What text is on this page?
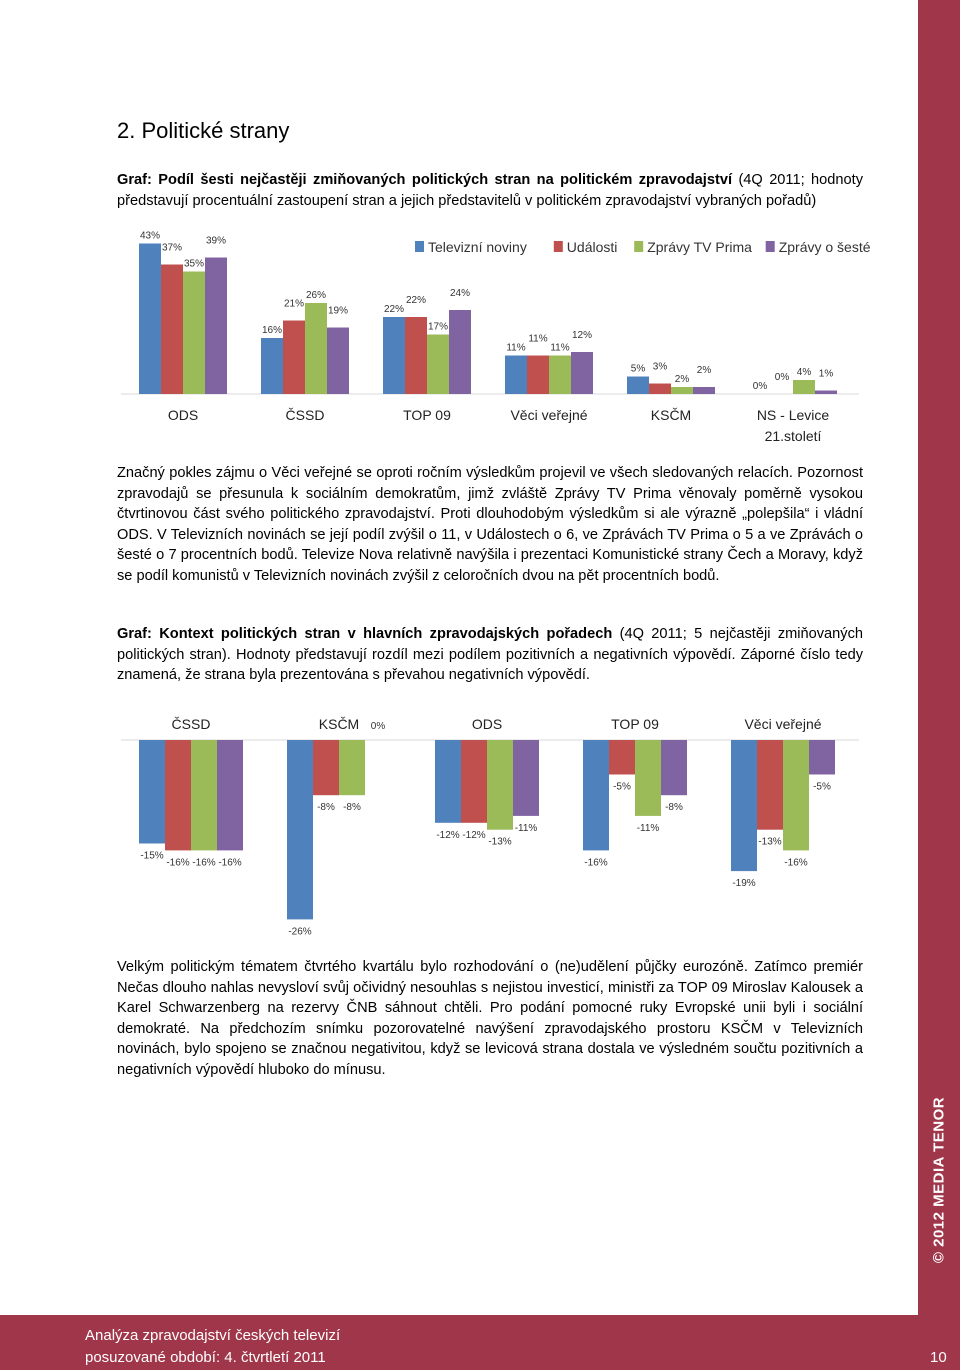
© 2012 MEDIA TENOR
2. Politické strany

Graf: Podíl šesti nejčastěji zmiňovaných politických stran na politickém zpravodajství (4Q 2011; hodnoty představují procentuální zastoupení stran a jejich představitelů v politickém zpravodajství vybraných pořadů)

43%
37%
35%
39%
ODS
16%
21%
26%
19%
ČSSD
22%
22%
17%
24%
TOP 09
11%
11%
11%
12%
Věci veřejné
5% 3%
2%
2%
KSČM
0%
0% 4% 1%
NS - Levice
21.století
Televizní noviny	Události Zprávy TV Prima Zprávy o šesté

Značný pokles zájmu o Věci veřejné se oproti ročním výsledkům projevil ve všech sledovaných relacích. Pozornost zpravodajů se přesunula k sociálním demokratům, jimž zvláště Zprávy TV Prima věnovaly poměrně vysokou čtvrtinovou část svého politického zpravodajství. Proti dlouhodobým výsledkům si ale výrazně „polepšila“ i vládní ODS. V Televizních novinách se její podíl zvýšil o 11, v Událostech o 6, ve Zprávách TV Prima o 5 a ve Zprávách o šesté o 7 procentních bodů. Televize Nova relativně navýšila i prezentaci Komunistické strany Čech a Moravy, když se podíl komunistů v Televizních novinách zvýšil z celoročních dvou na pět procentních bodů.

Graf: Kontext politických stran v hlavních zpravodajských pořadech (4Q 2011; 5 nejčastěji zmiňovaných politických stran). Hodnoty představují rozdíl mezi podílem pozitivních a negativních výpovědí. Záporné číslo tedy znamená, že strana byla prezentována s převahou negativních výpovědí.

ČSSD
-15%
-16% -16% -16%
KSČM
-26%
-8% -8%
0%	ODS
-12% -12%
-13%
-11%
TOP 09
-16%
-5%
-11%
-8%
Věci veřejné
-19%
-13%
-16%
-5%

Velkým politickým tématem čtvrtého kvartálu bylo rozhodování o (ne)udělení půjčky eurozóně. Zatímco premiér Nečas dlouho nahlas nevysloví svůj očividný nesouhlas s nejistou investicí, ministři za TOP 09 Miroslav Kalousek a Karel Schwarzenberg na rezervy ČNB sáhnout chtěli. Pro podání pomocné ruky Evropské unii byli i sociální demokraté. Na předchozím snímku pozorovatelné navýšení zpravodajského prostoru KSČM v Televizních novinách, bylo spojeno se značnou negativitou, když se levicová strana dostala ve výsledném součtu pozitivních a negativních výpovědí hluboko do mínusu.

Analýza zpravodajství českých televizí
posuzované období: 4. čtvrtletí 2011	10
